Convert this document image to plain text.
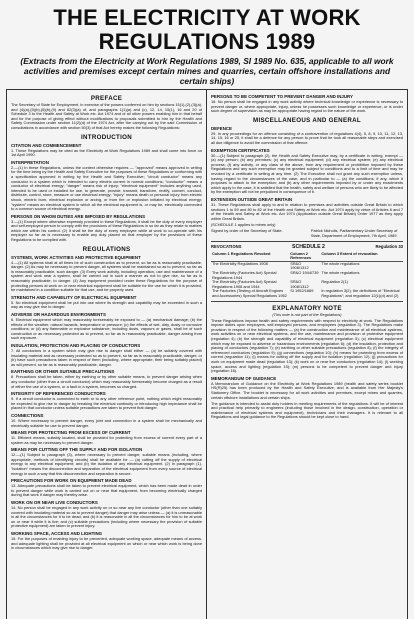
THE ELECTRICITY AT WORK REGULATIONS 1989
(Extracts from the Electricity at Work Regulations 1989, SI 1989 No. 635, applicable to all work activities and premises except certain mines and quarries, certain offshore installations and certain ships)
PREFACE

The Secretary of State for Employment, in exercise of the powers conferred on him by sections 15(1),(2),(3)(a), and (4)(a),(5)(b),(6)(b),(9) and 82(3)(a) of, and paragraphs 1(1)(a) and (c), 12, 14, 15(1), 16 and 20 of Schedule 3 to the Health and Safety at Work etc. Act 1974 and of all other powers enabling him in that behalf and for the purpose of giving effect without modifications to proposals submitted to him by the Health and Safety Commission under section 11(2)(d) of the 1974 Act, after the carrying out by the said Commission of consultations in accordance with section 50(3) of that Act hereby makes the following Regulations:

INTRODUCTION
CITATION AND COMMENCEMENT

1. These Regulations may be cited as the Electricity at Work Regulations 1989 and shall come into force on 1st April 1990.

INTERPRETATION

2.—(1) In these Regulations, unless the context otherwise requires — "approved" means approved in writing for the time being by the Health and Safety Executive for the purposes of these Regulations or conforming with a specification approved in writing by the Health and Safety Executive; "circuit conductor" means any conductor in a system which is intended to carry electric current in normal conditions; "conductor" means a conductor of electrical energy; "danger" means risk of injury; "electrical equipment" includes anything used, intended to be used or installed for use, to generate, provide, transmit, transform, rectify, convert, conduct, distribute, control, store, measure or use electrical energy; "injury" means death or personal injury from electric shock, electric burn, electrical explosion or arcing, or from fire or explosion initiated by electrical energy; "system" means an electrical system in which all the electrical equipment is, or may be, electrically connected to a common source of electrical energy.

PERSONS ON WHOM DUTIES ARE IMPOSED BY REGULATIONS

3.—(1) Except where otherwise expressly provided in these Regulations, it shall be the duty of every employer and self-employed person to comply with the provisions of these Regulations in so far as they relate to matters which are within his control. (2) It shall be the duty of every employee while at work to co-operate with his employer so far as is necessary to enable any duty placed on that employer by the provisions of these Regulations to be complied with.

REGULATIONS
SYSTEMS, WORK ACTIVITIES AND PROTECTIVE EQUIPMENT

4.—(1) All systems shall at all times be of such construction as to prevent, so far as is reasonably practicable, danger. (2) As may be necessary to prevent danger, all systems shall be maintained so as to prevent, so far as is reasonably practicable, such danger. (3) Every work activity, including operation, use and maintenance of a system and work near a system, shall be carried out in such a manner as not to give rise, so far as is reasonably practicable, to danger. (4) Any equipment provided under these Regulations for the purpose of protecting persons at work on or near electrical equipment shall be suitable for the use for which it is provided, be maintained in a condition suitable for that use, and be properly used.

STRENGTH AND CAPABILITY OF ELECTRICAL EQUIPMENT

5. No electrical equipment shall be put into use where its strength and capability may be exceeded in such a way as may give rise to danger.

ADVERSE OR HAZARDOUS ENVIRONMENTS

6. Electrical equipment which may reasonably foreseeably be exposed to — (a) mechanical damage; (b) the effects of the weather, natural hazards, temperature or pressure; (c) the effects of wet, dirty, dusty or corrosive conditions; or (d) any flammable or explosive substance, including dusts, vapours or gases, shall be of such construction or as necessary protected as to prevent, so far as is reasonably practicable, danger arising from such exposure.

INSULATION, PROTECTION AND PLACING OF CONDUCTORS

7. All conductors in a system which may give rise to danger shall either — (a) be suitably covered with insulating material and as necessary protected so as to prevent, so far as is reasonably practicable, danger; or (b) have such precautions taken in respect of them (including, where appropriate, their being suitably placed) as will prevent, so far as is reasonably practicable, danger.

EARTHING OR OTHER SUITABLE PRECAUTIONS

8. Precautions shall be taken, either by earthing or by other suitable means, to prevent danger arising when any conductor (other than a circuit conductor) which may reasonably foreseeably become charged as a result of either the use of a system, or a fault in a system, becomes so charged.

INTEGRITY OF REFERENCED CONDUCTORS

9. If a circuit conductor is connected to earth or to any other reference point, nothing which might reasonably be expected to give rise to danger by breaking the electrical continuity or introducing high impedance shall be placed in that conductor unless suitable precautions are taken to prevent that danger.

CONNECTIONS

10. Where necessary to prevent danger, every joint and connection in a system shall be mechanically and electrically suitable for use to prevent danger.

MEANS FOR PROTECTING FROM EXCESS OF CURRENT

11. Efficient means, suitably located, shall be provided for protecting from excess of current every part of a system as may be necessary to prevent danger.

MEANS FOR CUTTING OFF THE SUPPLY AND FOR ISOLATION

12.—(1) Subject to paragraph (3), where necessary to prevent danger, suitable means (including, where appropriate, methods of identifying circuits) shall be available for — (a) cutting off the supply of electrical energy to any electrical equipment; and (b) the isolation of any electrical equipment. (2) In paragraph (1), "isolation" means the disconnection and separation of the electrical equipment from every source of electrical energy in such a way that this disconnection and separation is secure.

PRECAUTIONS FOR WORK ON EQUIPMENT MADE DEAD

13. Adequate precautions shall be taken to prevent electrical equipment, which has been made dead in order to prevent danger while work is carried out on or near that equipment, from becoming electrically charged during that work if danger may thereby arise.

WORK ON OR NEAR LIVE CONDUCTORS

14. No person shall be engaged in any work activity on or so near any live conductor (other than one suitably covered with insulating material so as to prevent danger) that danger may arise unless — (a) it is unreasonable in all the circumstances for it to be dead; and (b) it is reasonable in all the circumstances for him to be at work on or near it while it is live; and (c) suitable precautions (including where necessary the provision of suitable protective equipment) are taken to prevent injury.

WORKING SPACE, ACCESS AND LIGHTING

15. For the purposes of enabling injury to be prevented, adequate working space, adequate means of access, and adequate lighting shall be provided at all electrical equipment on which or near which work is being done in circumstances which may give rise to danger.

PERSONS TO BE COMPETENT TO PREVENT DANGER AND INJURY

16. No person shall be engaged in any work activity where technical knowledge or experience is necessary to prevent danger or, where appropriate, injury, unless he possesses such knowledge or experience, or is under such degree of supervision as may be appropriate having regard to the nature of the work.

MISCELLANEOUS AND GENERAL
DEFENCE

29. In any proceedings for an offence consisting of a contravention of regulations 4(4), 5, 8, 9, 10, 11, 12, 13, 14, 15, 16 or 25, it shall be a defence for any person to prove that he took all reasonable steps and exercised all due diligence to avoid the commission of that offence.

EXEMPTION CERTIFICATES

30.—(1) Subject to paragraph (2), the Health and Safety Executive may, by a certificate in writing, exempt — (a) any person; (b) any premises; (c) any electrical equipment; (d) any electrical system; (e) any electrical process; (f) any activity, or any class of the above, from any requirement or prohibition imposed by these Regulations and any such exemption may be granted subject to conditions and to a limit of time and may be revoked by a certificate in writing at any time. (2) The Executive shall not grant any such exemption unless, having regard to the circumstances of the case, and in particular to — (a) the conditions, if any, which it proposes to attach to the exemption; and (b) any other requirements imposed by or under any enactments which apply to the case, it is satisfied that the health, safety and welfare of persons who are likely to be affected by the exemption will not be prejudiced in consequence of it.

EXTENSION OUTSIDE GREAT BRITAIN

31. These Regulations shall apply to and in relation to premises and activities outside Great Britain to which sections 1 to 59 and 80 to 82 of the Health and Safety at Work etc. Act 1974 apply by virtue of Articles 6 and 7 of the Health and Safety at Work etc. Act 1974 (Application outside Great Britain) Order 1977 as they apply within Great Britain.

(SCHEDULE 1 applies to mines only)

Signed by order of the Secretary of State.	Patrick Nicholls, Parliamentary Under Secretary of State, Department of Employment, 7th April, 1989
REVOCATIONS	SCHEDULE 2	Regulation 33
Column 1 Regulations Revoked	Column 2 References	Column 3 Extent of revocation
The Electricity Regulations 1908	SR&O 1908/1312	The whole regulations
The Electricity (Factories Act) Special Regulations 1944	SR&O 1944/739	The whole regulations
The Electricity (Factories Act) Special Regulations 1908 and 1944	SR&O 1908/1312	Regulation 2(1)
The Factories (Testing of Aircraft Engines and Accessories) Special Regulations 1952	SI 1952/1689	In regulation 3(2), the definitions of "Electrical Regulations"; and regulation 12(1)(d) and (2)
EXPLANATORY NOTE

(This note is not part of the Regulations)

These Regulations impose health and safety requirements with respect to electricity at work. The Regulations impose duties upon employers, self-employed persons, and employees (regulation 3). The Regulations make provision in respect of the following matters — (a) the construction and maintenance of all electrical systems, work activities on or near electrical systems, and the use, maintenance and provision of protective equipment (regulation 4); (b) the strength and capability of electrical equipment (regulation 5); (c) electrical equipment which may be exposed to adverse or hazardous environments (regulation 6); (d) the insulation, protection and placing of conductors (regulation 7); (e) earthing or other suitable precautions (regulation 8); (f) the integrity of referenced conductors (regulation 9); (g) connections (regulation 10); (h) means for protecting from excess of current (regulation 11); (i) means for cutting off the supply and for isolation (regulation 12); (j) precautions for work on equipment made dead (regulation 13); (k) work on or near live conductors (regulation 14); (l) working space, access and lighting (regulation 15); (m) persons to be competent to prevent danger and injury (regulation 16).

MEMORANDUM OF GUIDANCE

A Memorandum of Guidance on the Electricity at Work Regulations 1989 (health and safety series booklet HS(R)25) has been produced by the Health and Safety Executive, and is available from Her Majesty's Stationery Office. The booklet is necessary for all work activities and premises, except mines and quarries, certain offshore installations and certain ships.

The guidance is intended to assist duty holders in meeting requirements of the regulations. It will be of interest and practical help primarily to engineers (including those involved in the design, construction, operation or maintenance of electrical systems and equipment), technicians and their managers. It is relevant to all Regulations and legal guidance to the Regulations should be kept close to hand.
